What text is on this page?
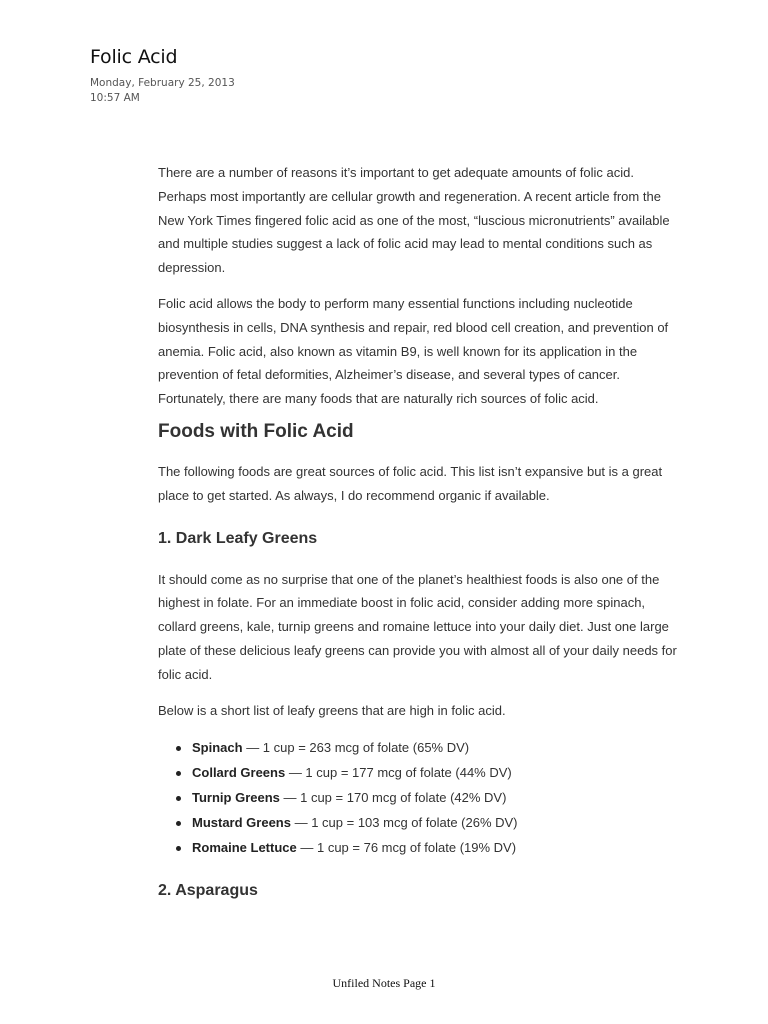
Folic Acid
Monday, February 25, 2013
10:57 AM

There are a number of reasons it’s important to get adequate amounts of folic acid. Perhaps most importantly are cellular growth and regeneration. A recent article from the New York Times fingered folic acid as one of the most, “luscious micronutrients” available and multiple studies suggest a lack of folic acid may lead to mental conditions such as depression.

Folic acid allows the body to perform many essential functions including nucleotide biosynthesis in cells, DNA synthesis and repair, red blood cell creation, and prevention of anemia. Folic acid, also known as vitamin B9, is well known for its application in the prevention of fetal deformities, Alzheimer’s disease, and several types of cancer. Fortunately, there are many foods that are naturally rich sources of folic acid.

Foods with Folic Acid

The following foods are great sources of folic acid. This list isn’t expansive but is a great place to get started. As always, I do recommend organic if available.

1. Dark Leafy Greens

It should come as no surprise that one of the planet’s healthiest foods is also one of the highest in folate. For an immediate boost in folic acid, consider adding more spinach, collard greens, kale, turnip greens and romaine lettuce into your daily diet. Just one large plate of these delicious leafy greens can provide you with almost all of your daily needs for folic acid.

Below is a short list of leafy greens that are high in folic acid.

Spinach — 1 cup = 263 mcg of folate (65% DV)
Collard Greens — 1 cup = 177 mcg of folate (44% DV)
Turnip Greens — 1 cup = 170 mcg of folate (42% DV)
Mustard Greens — 1 cup = 103 mcg of folate (26% DV)
Romaine Lettuce — 1 cup = 76 mcg of folate (19% DV)
2. Asparagus
Unfiled Notes Page 1
